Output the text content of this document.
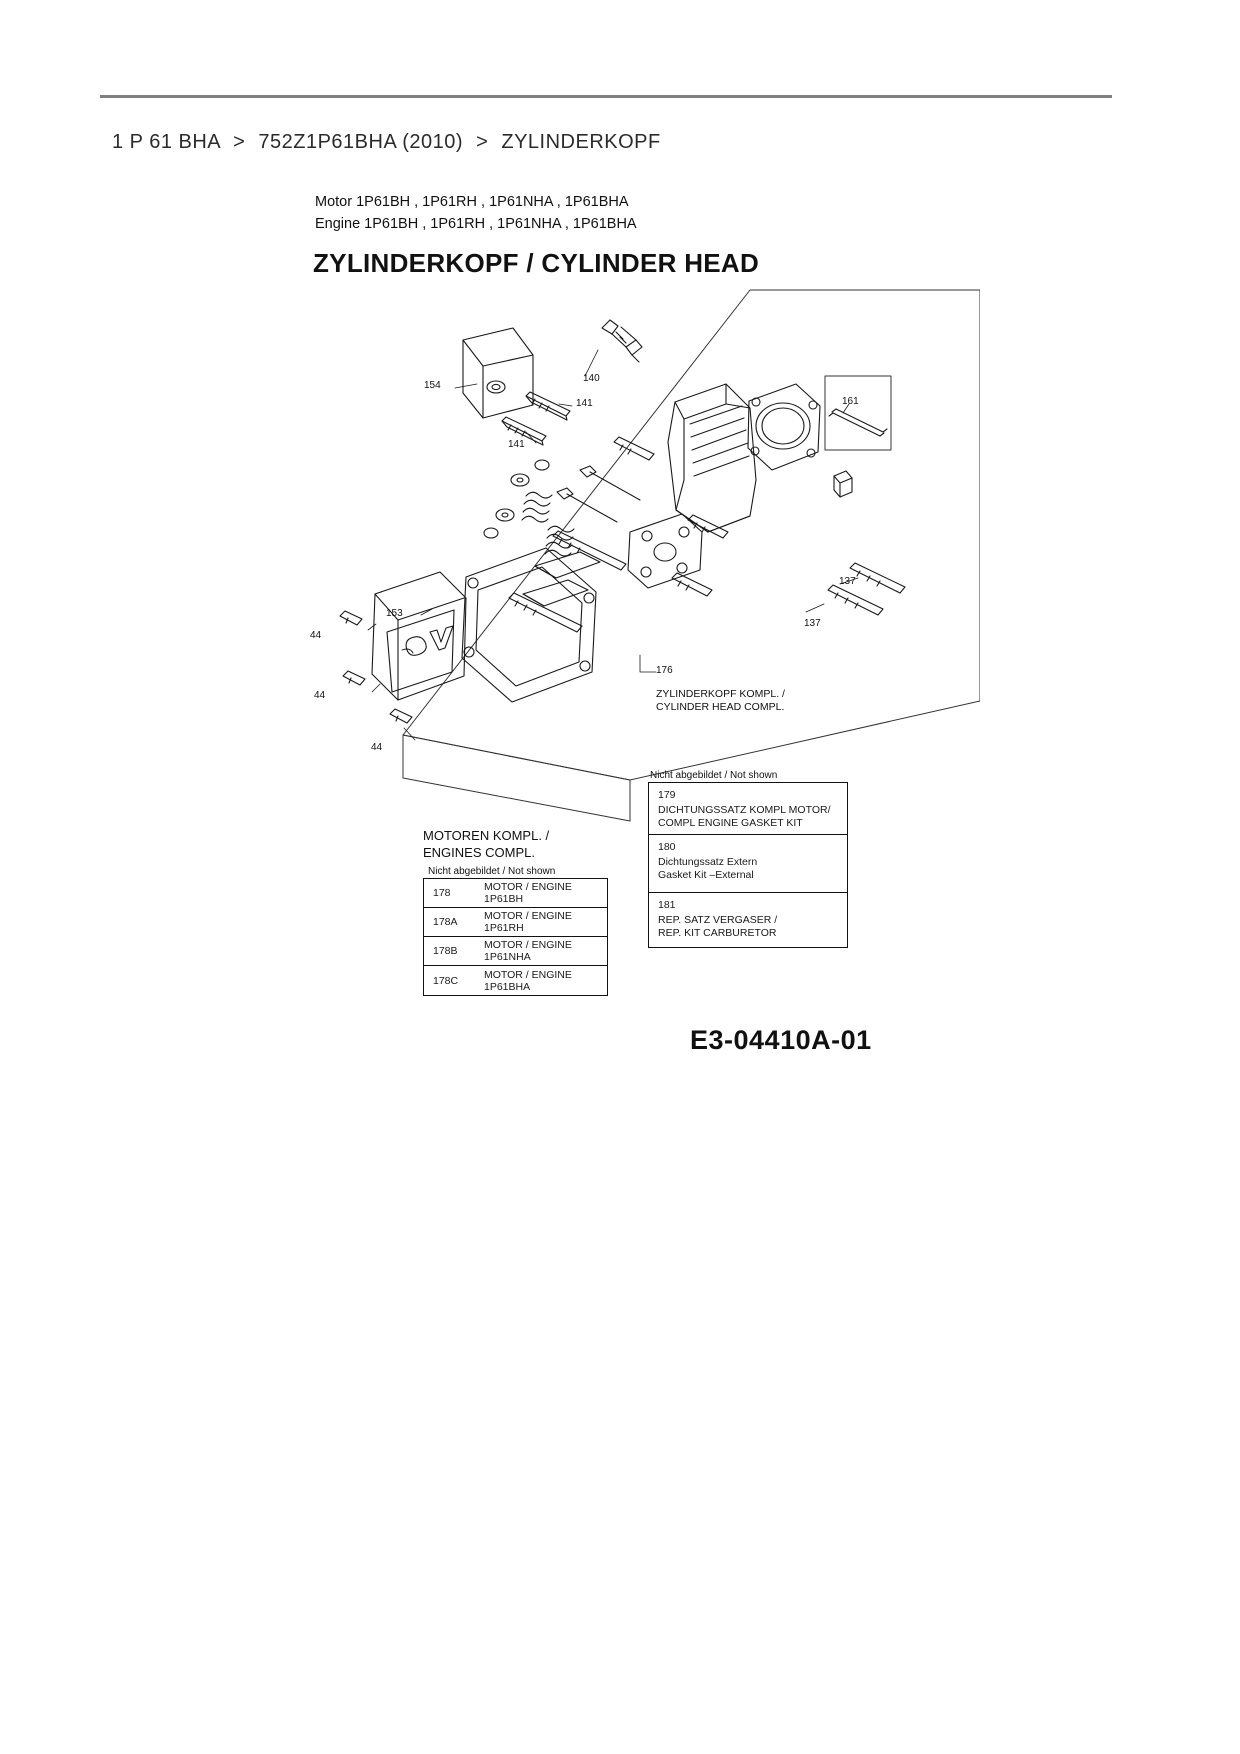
1 P 61 BHA > 752Z1P61BHA (2010) > ZYLINDERKOPF
Motor 1P61BH , 1P61RH , 1P61NHA , 1P61BHA
Engine 1P61BH , 1P61RH , 1P61NHA , 1P61BHA
ZYLINDERKOPF / CYLINDER HEAD
140
154
141
141
161
137
137
153
44
44
44
176
ZYLINDERKOPF KOMPL. /
CYLINDER HEAD COMPL.
MOTOREN KOMPL. /
ENGINES COMPL.
Nicht abgebildet / Not shown
178	MOTOR / ENGINE 1P61BH
178A	MOTOR / ENGINE 1P61RH
178B	MOTOR / ENGINE 1P61NHA
178C	MOTOR / ENGINE 1P61BHA
Nicht abgebildet / Not shown
179
DICHTUNGSSATZ KOMPL MOTOR/
COMPL ENGINE GASKET KIT
180
Dichtungssatz Extern
Gasket Kit –External
181
REP. SATZ VERGASER /
REP. KIT CARBURETOR
E3-04410A-01
